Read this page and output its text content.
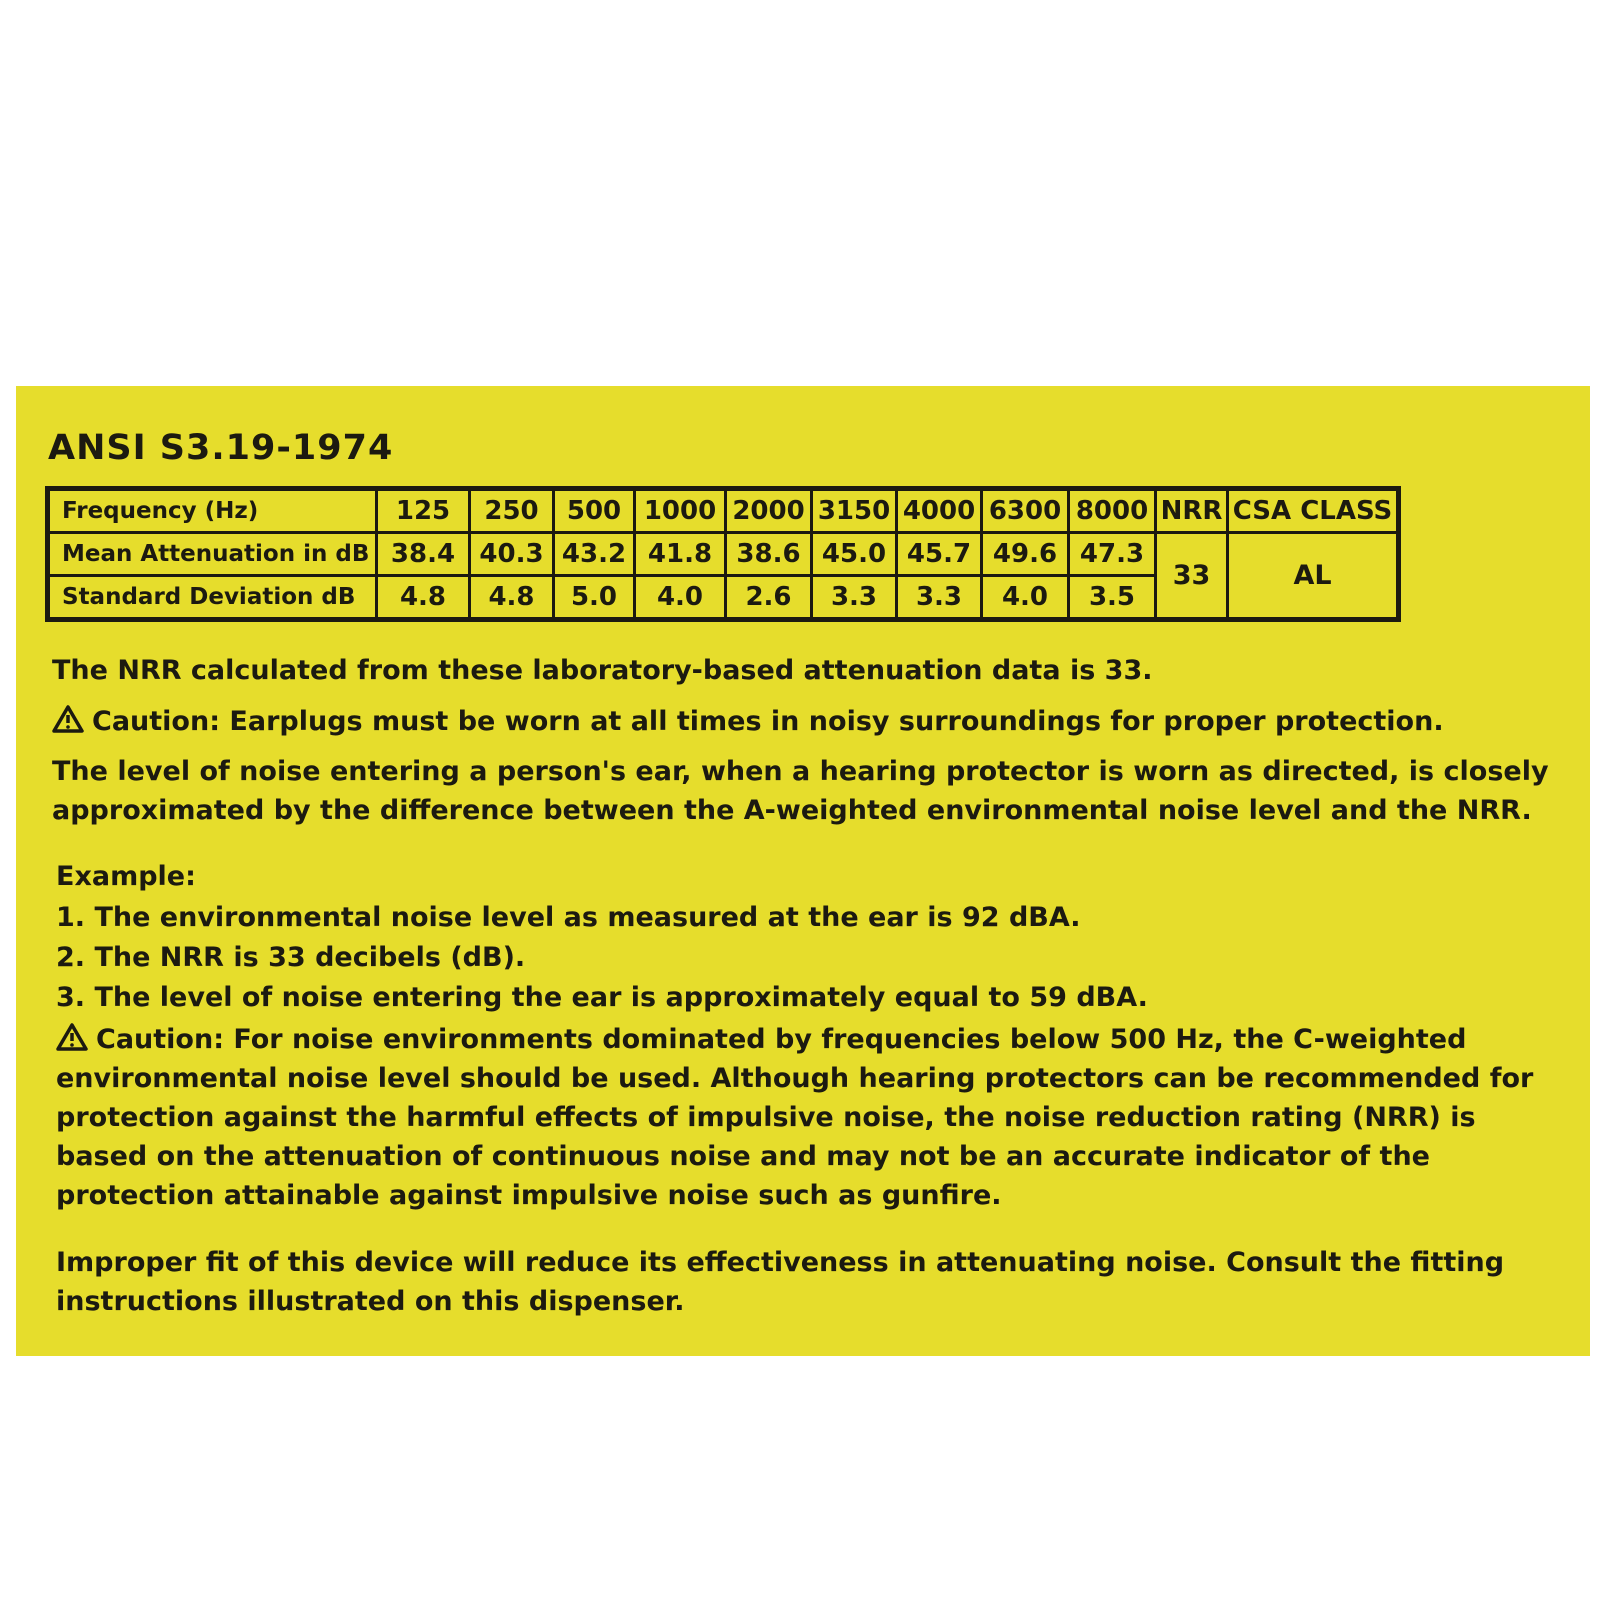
ANSI S3.19-1974
Frequency (Hz)	125	250	500	1000	2000	3150	4000	6300	8000	NRR	CSA CLASS
Mean Attenuation in dB	38.4	40.3	43.2	41.8	38.6	45.0	45.7	49.6	47.3	33	AL
Standard Deviation dB	4.8	4.8	5.0	4.0	2.6	3.3	3.3	4.0	3.5		

The NRR calculated from these laboratory-based attenuation data is 33.

Caution: Earplugs must be worn at all times in noisy surroundings for proper protection.

The level of noise entering a person's ear, when a hearing protector is worn as directed, is closely approximated by the difference between the A-weighted environmental noise level and the NRR.

Example:

1. The environmental noise level as measured at the ear is 92 dBA.
2. The NRR is 33 decibels (dB).
3. The level of noise entering the ear is approximately equal to 59 dBA.

Caution: For noise environments dominated by frequencies below 500 Hz, the C-weighted environmental noise level should be used. Although hearing protectors can be recommended for protection against the harmful effects of impulsive noise, the noise reduction rating (NRR) is based on the attenuation of continuous noise and may not be an accurate indicator of the protection attainable against impulsive noise such as gunfire.

Improper fit of this device will reduce its effectiveness in attenuating noise. Consult the fitting instructions illustrated on this dispenser.
